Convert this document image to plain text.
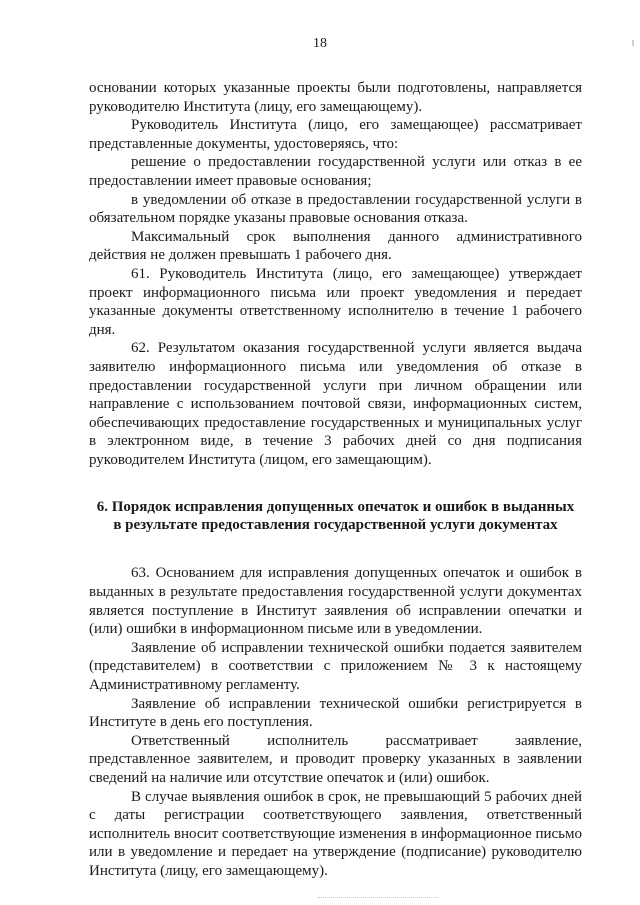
18

основании которых указанные проекты были подготовлены, направляется руководителю Института (лицу, его замещающему).

Руководитель Института (лицо, его замещающее) рассматривает представленные документы, удостоверяясь, что:

решение о предоставлении государственной услуги или отказ в ее предоставлении имеет правовые основания;

в уведомлении об отказе в предоставлении государственной услуги в обязательном порядке указаны правовые основания отказа.

Максимальный срок выполнения данного административного действия не должен превышать 1 рабочего дня.

61. Руководитель Института (лицо, его замещающее) утверждает проект информационного письма или проект уведомления и передает указанные документы ответственному исполнителю в течение 1 рабочего дня.

62. Результатом оказания государственной услуги является выдача заявителю информационного письма или уведомления об отказе в предоставлении государственной услуги при личном обращении или направление с использованием почтовой связи, информационных систем, обеспечивающих предоставление государственных и муниципальных услуг в электронном виде, в течение 3 рабочих дней со дня подписания руководителем Института (лицом, его замещающим).

6. Порядок исправления допущенных опечаток и ошибок в выданных
в результате предоставления государственной услуги документах

63. Основанием для исправления допущенных опечаток и ошибок в выданных в результате предоставления государственной услуги документах является поступление в Институт заявления об исправлении опечатки и (или) ошибки в информационном письме или в уведомлении.

Заявление об исправлении технической ошибки подается заявителем (представителем) в соответствии с приложением № 3 к настоящему Административному регламенту.

Заявление об исправлении технической ошибки регистрируется в Институте в день его поступления.

Ответственный исполнитель рассматривает заявление, представленное заявителем, и проводит проверку указанных в заявлении сведений на наличие или отсутствие опечаток и (или) ошибок.

В случае выявления ошибок в срок, не превышающий 5 рабочих дней с даты регистрации соответствующего заявления, ответственный исполнитель вносит соответствующие изменения в информационное письмо или в уведомление и передает на утверждение (подписание) руководителю Института (лицу, его замещающему).
